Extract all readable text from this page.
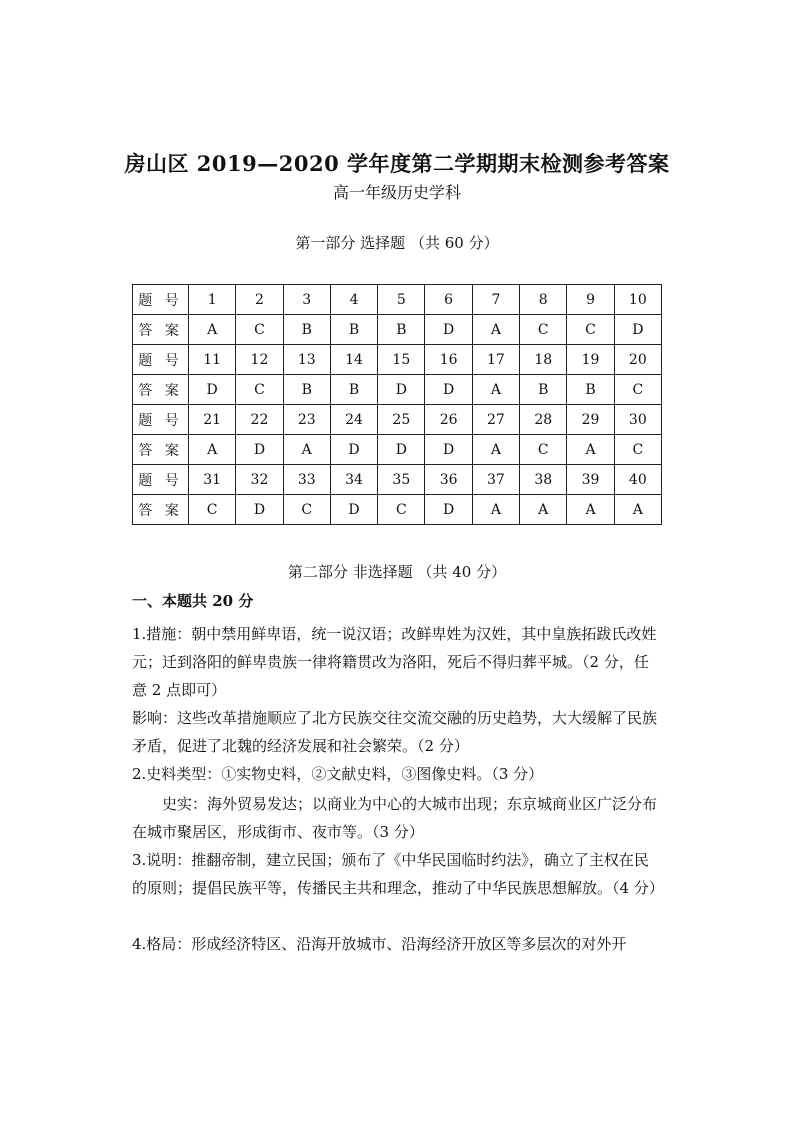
房山区 2019—2020 学年度第二学期期末检测参考答案
高一年级历史学科
第一部分 选择题 （共 60 分）
题 号	1	2	3	4	5	6	7	8	9	10
答 案	A	C	B	B	B	D	A	C	C	D
题 号	11	12	13	14	15	16	17	18	19	20
答 案	D	C	B	B	D	D	A	B	B	C
题 号	21	22	23	24	25	26	27	28	29	30
答 案	A	D	A	D	D	D	A	C	A	C
题 号	31	32	33	34	35	36	37	38	39	40
答 案	C	D	C	D	C	D	A	A	A	A
第二部分 非选择题 （共 40 分）
一、本题共 20 分

1.措施：朝中禁用鲜卑语，统一说汉语；改鲜卑姓为汉姓，其中皇族拓跋氏改姓元；迁到洛阳的鲜卑贵族一律将籍贯改为洛阳，死后不得归葬平城。（2 分，任意 2 点即可）

影响：这些改革措施顺应了北方民族交往交流交融的历史趋势，大大缓解了民族矛盾，促进了北魏的经济发展和社会繁荣。（2 分）

2.史料类型：①实物史料，②文献史料，③图像史料。（3 分）

史实：海外贸易发达；以商业为中心的大城市出现；东京城商业区广泛分布在城市聚居区，形成街市、夜市等。（3 分）

3.说明：推翻帝制，建立民国；颁布了《中华民国临时约法》，确立了主权在民的原则；提倡民族平等，传播民主共和理念，推动了中华民族思想解放。（4 分）

4.格局：形成经济特区、沿海开放城市、沿海经济开放区等多层次的对外开
